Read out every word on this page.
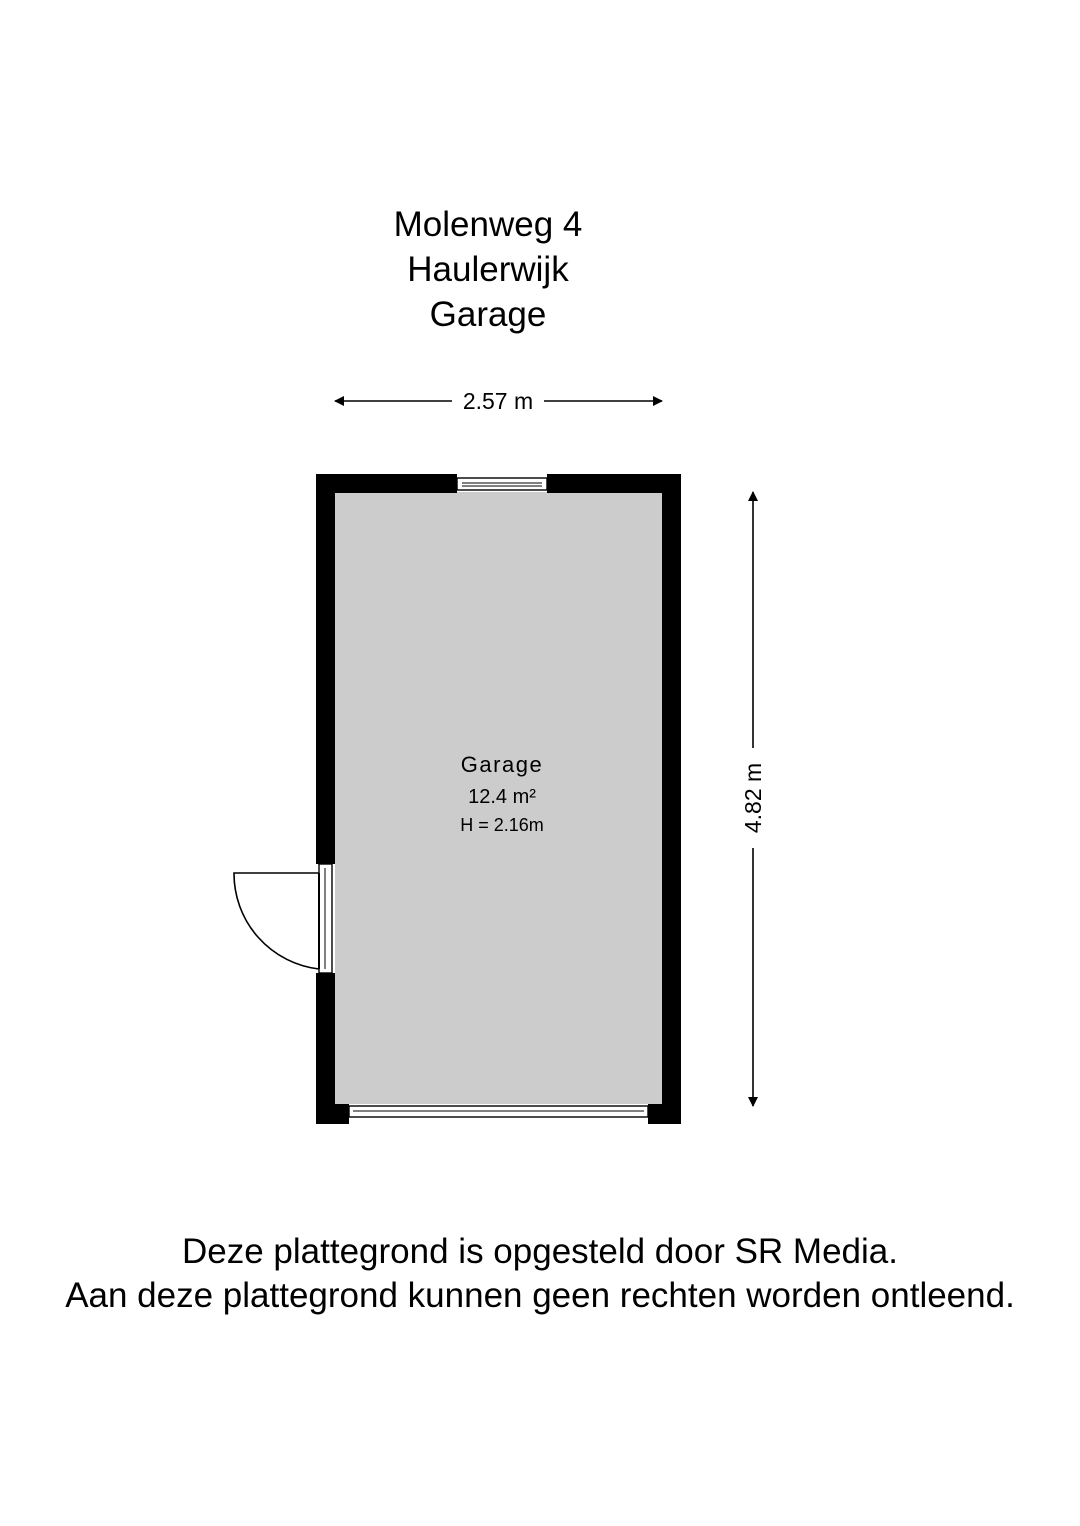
Molenweg 4
Haulerwijk
Garage
2.57 m
4.82 m
Garage
12.4 m²
H = 2.16m
Deze plattegrond is opgesteld door SR Media.
Aan deze plattegrond kunnen geen rechten worden ontleend.
